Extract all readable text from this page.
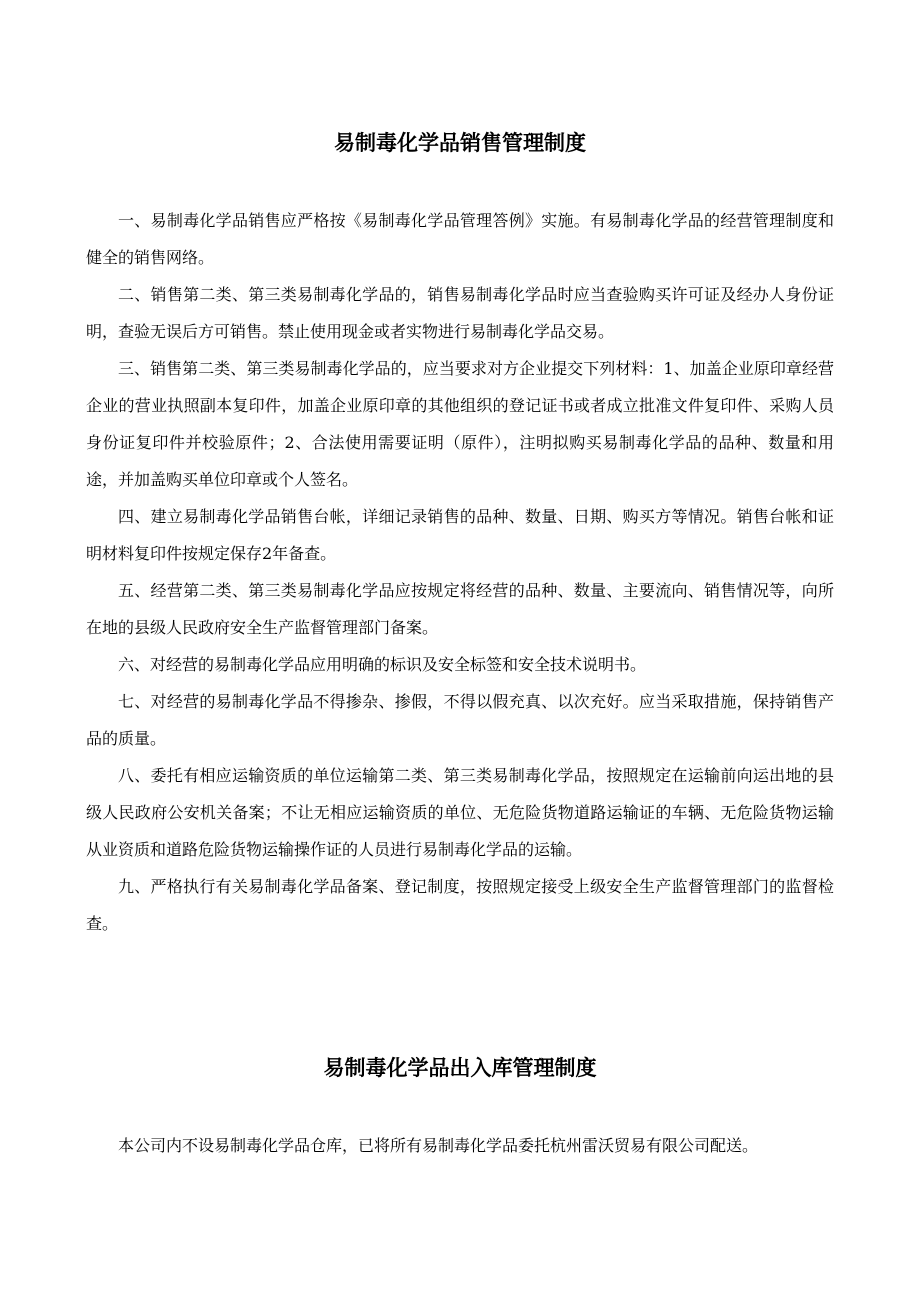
易制毒化学品销售管理制度

一、易制毒化学品销售应严格按《易制毒化学品管理答例》实施。有易制毒化学品的经营管理制度和健全的销售网络。

二、销售第二类、第三类易制毒化学品的，销售易制毒化学品时应当查验购买许可证及经办人身份证明，查验无误后方可销售。禁止使用现金或者实物进行易制毒化学品交易。

三、销售第二类、第三类易制毒化学品的，应当要求对方企业提交下列材料：1、加盖企业原印章经营企业的营业执照副本复印件，加盖企业原印章的其他组织的登记证书或者成立批准文件复印件、采购人员身份证复印件并校验原件；2、合法使用需要证明（原件），注明拟购买易制毒化学品的品种、数量和用途，并加盖购买单位印章或个人签名。

四、建立易制毒化学品销售台帐，详细记录销售的品种、数量、日期、购买方等情况。销售台帐和证明材料复印件按规定保存2年备查。

五、经营第二类、第三类易制毒化学品应按规定将经营的品种、数量、主要流向、销售情况等，向所在地的县级人民政府安全生产监督管理部门备案。

六、对经营的易制毒化学品应用明确的标识及安全标签和安全技术说明书。

七、对经营的易制毒化学品不得掺杂、掺假，不得以假充真、以次充好。应当采取措施，保持销售产品的质量。

八、委托有相应运输资质的单位运输第二类、第三类易制毒化学品，按照规定在运输前向运出地的县级人民政府公安机关备案；不让无相应运输资质的单位、无危险货物道路运输证的车辆、无危险货物运输从业资质和道路危险货物运输操作证的人员进行易制毒化学品的运输。

九、严格执行有关易制毒化学品备案、登记制度，按照规定接受上级安全生产监督管理部门的监督检查。

易制毒化学品出入库管理制度

本公司内不设易制毒化学品仓库，已将所有易制毒化学品委托杭州雷沃贸易有限公司配送。
